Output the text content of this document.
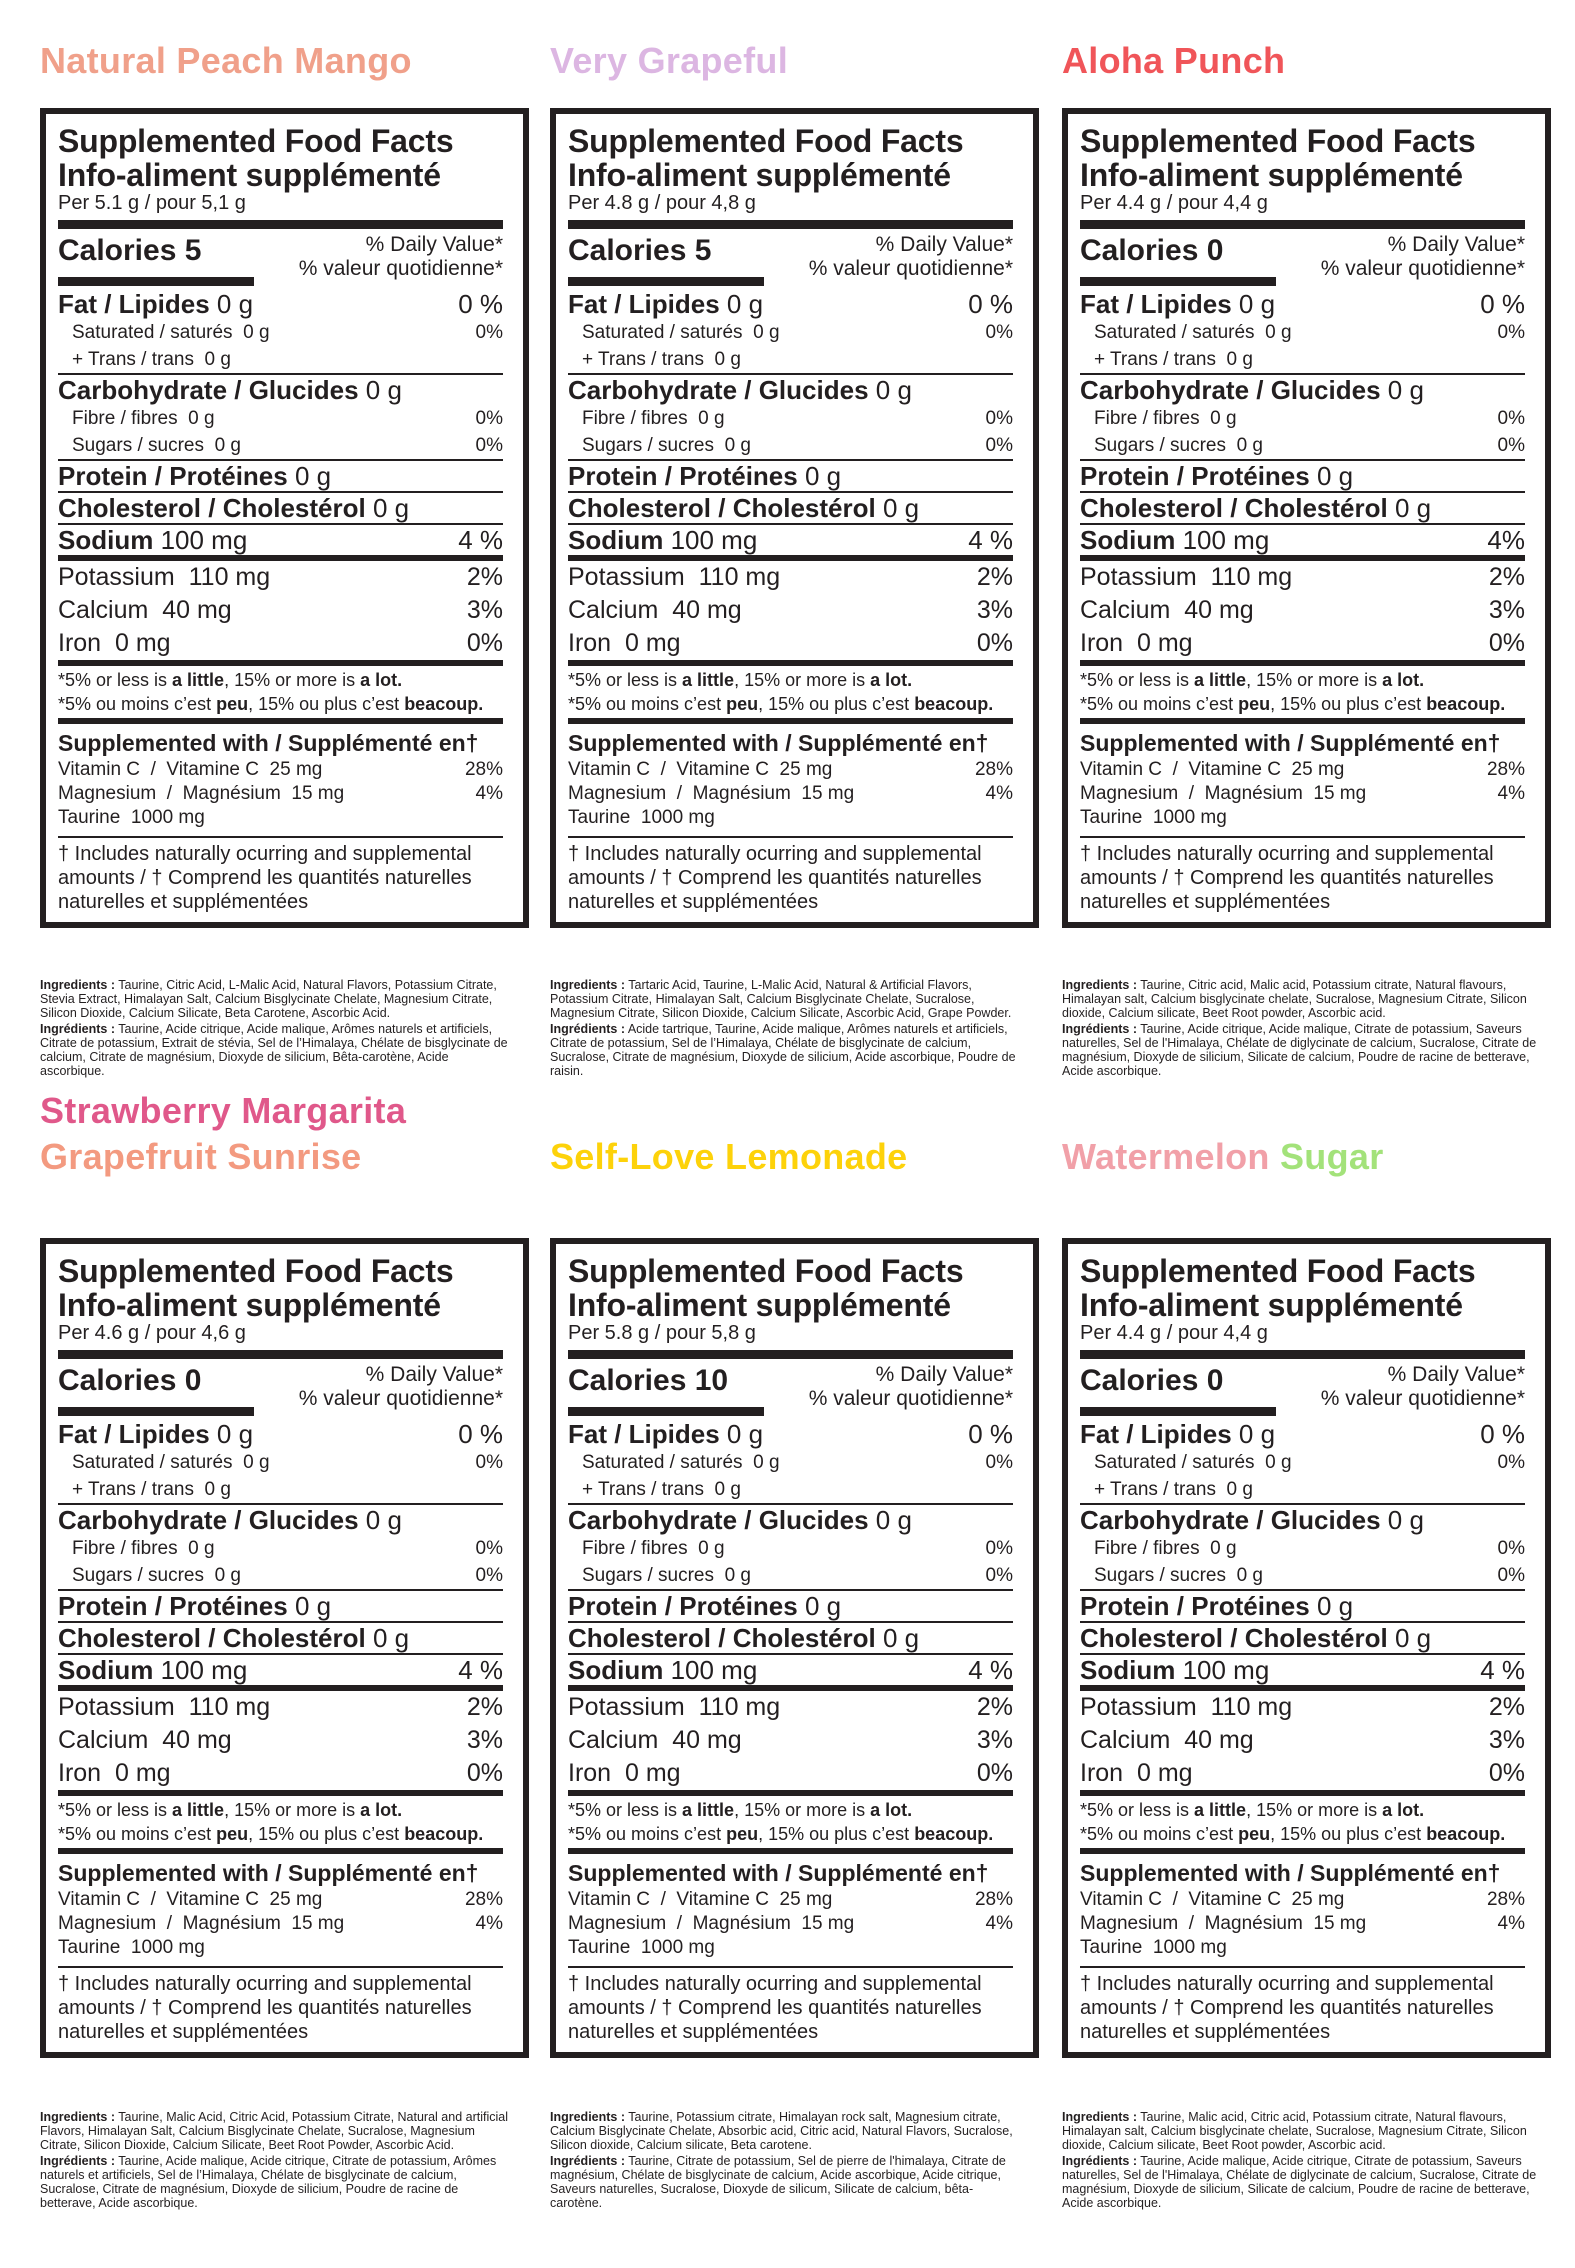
Natural Peach Mango
Supplemented Food Facts
Info-aliment supplémenté
Per 5.1 g / pour 5,1 g
Calories 5	% Daily Value*
% valeur quotidienne*
Fat / Lipides 0 g	0 %
Saturated / saturés 0 g	0%
+ Trans / trans 0 g
Carbohydrate / Glucides 0 g
Fibre / fibres 0 g	0%
Sugars / sucres 0 g	0%
Protein / Protéines 0 g
Cholesterol / Cholestérol 0 g
Sodium 100 mg	4 %
Potassium 110 mg	2%
Calcium 40 mg	3%
Iron 0 mg	0%
*5% or less is a little, 15% or more is a lot.
*5% ou moins c’est peu, 15% ou plus c’est beacoup.
Supplemented with / Supplémenté en†
Vitamin C  /  Vitamine C  25 mg	28%
Magnesium  /  Magnésium  15 mg	4%
Taurine  1000 mg
† Includes naturally ocurring and supplemental amounts / † Comprend les quantités naturelles naturelles et supplémentées

Ingredients : Taurine, Citric Acid, L-Malic Acid, Natural Flavors, Potassium Citrate, Stevia Extract, Himalayan Salt, Calcium Bisglycinate Chelate, Magnesium Citrate, Silicon Dioxide, Calcium Silicate, Beta Carotene, Ascorbic Acid.

Ingrédients : Taurine, Acide citrique, Acide malique, Arômes naturels et artificiels, Citrate de potassium, Extrait de stévia, Sel de l’Himalaya, Chélate de bisglycinate de calcium, Citrate de magnésium, Dioxyde de silicium, Bêta-carotène, Acide ascorbique.

Very Grapeful
Supplemented Food Facts
Info-aliment supplémenté
Per 4.8 g / pour 4,8 g
Calories 5	% Daily Value*
% valeur quotidienne*
Fat / Lipides 0 g	0 %
Saturated / saturés 0 g	0%
+ Trans / trans 0 g
Carbohydrate / Glucides 0 g
Fibre / fibres 0 g	0%
Sugars / sucres 0 g	0%
Protein / Protéines 0 g
Cholesterol / Cholestérol 0 g
Sodium 100 mg	4 %
Potassium 110 mg	2%
Calcium 40 mg	3%
Iron 0 mg	0%
*5% or less is a little, 15% or more is a lot.
*5% ou moins c’est peu, 15% ou plus c’est beacoup.
Supplemented with / Supplémenté en†
Vitamin C  /  Vitamine C  25 mg	28%
Magnesium  /  Magnésium  15 mg	4%
Taurine  1000 mg
† Includes naturally ocurring and supplemental amounts / † Comprend les quantités naturelles naturelles et supplémentées

Ingredients : Tartaric Acid, Taurine, L-Malic Acid, Natural & Artificial Flavors, Potassium Citrate, Himalayan Salt, Calcium Bisglycinate Chelate, Sucralose, Magnesium Citrate, Silicon Dioxide, Calcium Silicate, Ascorbic Acid, Grape Powder.

Ingrédients : Acide tartrique, Taurine, Acide malique, Arômes naturels et artificiels, Citrate de potassium, Sel de l’Himalaya, Chélate de bisglycinate de calcium, Sucralose, Citrate de magnésium, Dioxyde de silicium, Acide ascorbique, Poudre de raisin.

Aloha Punch
Supplemented Food Facts
Info-aliment supplémenté
Per 4.4 g / pour 4,4 g
Calories 0	% Daily Value*
% valeur quotidienne*
Fat / Lipides 0 g	0 %
Saturated / saturés 0 g	0%
+ Trans / trans 0 g
Carbohydrate / Glucides 0 g
Fibre / fibres 0 g	0%
Sugars / sucres 0 g	0%
Protein / Protéines 0 g
Cholesterol / Cholestérol 0 g
Sodium 100 mg	4%
Potassium 110 mg	2%
Calcium 40 mg	3%
Iron 0 mg	0%
*5% or less is a little, 15% or more is a lot.
*5% ou moins c’est peu, 15% ou plus c’est beacoup.
Supplemented with / Supplémenté en†
Vitamin C  /  Vitamine C  25 mg	28%
Magnesium  /  Magnésium  15 mg	4%
Taurine  1000 mg
† Includes naturally ocurring and supplemental amounts / † Comprend les quantités naturelles naturelles et supplémentées

Ingredients : Taurine, Citric acid, Malic acid, Potassium citrate, Natural flavours, Himalayan salt, Calcium bisglycinate chelate, Sucralose, Magnesium Citrate, Silicon dioxide, Calcium silicate, Beet Root powder, Ascorbic acid.

Ingrédients : Taurine, Acide citrique, Acide malique, Citrate de potassium, Saveurs naturelles, Sel de l'Himalaya, Chélate de diglycinate de calcium, Sucralose, Citrate de magnésium, Dioxyde de silicium, Silicate de calcium, Poudre de racine de betterave, Acide ascorbique.

Strawberry Margarita
Grapefruit Sunrise
Supplemented Food Facts
Info-aliment supplémenté
Per 4.6 g / pour 4,6 g
Calories 0	% Daily Value*
% valeur quotidienne*
Fat / Lipides 0 g	0 %
Saturated / saturés 0 g	0%
+ Trans / trans 0 g
Carbohydrate / Glucides 0 g
Fibre / fibres 0 g	0%
Sugars / sucres 0 g	0%
Protein / Protéines 0 g
Cholesterol / Cholestérol 0 g
Sodium 100 mg	4 %
Potassium 110 mg	2%
Calcium 40 mg	3%
Iron 0 mg	0%
*5% or less is a little, 15% or more is a lot.
*5% ou moins c’est peu, 15% ou plus c’est beacoup.
Supplemented with / Supplémenté en†
Vitamin C  /  Vitamine C  25 mg	28%
Magnesium  /  Magnésium  15 mg	4%
Taurine  1000 mg
† Includes naturally ocurring and supplemental amounts / † Comprend les quantités naturelles naturelles et supplémentées

Ingredients : Taurine, Malic Acid, Citric Acid, Potassium Citrate, Natural and artificial Flavors, Himalayan Salt, Calcium Bisglycinate Chelate, Sucralose, Magnesium Citrate, Silicon Dioxide, Calcium Silicate, Beet Root Powder, Ascorbic Acid.

Ingrédients : Taurine, Acide malique, Acide citrique, Citrate de potassium, Arômes naturels et artificiels, Sel de l’Himalaya, Chélate de bisglycinate de calcium, Sucralose, Citrate de magnésium, Dioxyde de silicium, Poudre de racine de betterave, Acide ascorbique.

Self-Love Lemonade
Supplemented Food Facts
Info-aliment supplémenté
Per 5.8 g / pour 5,8 g
Calories 10	% Daily Value*
% valeur quotidienne*
Fat / Lipides 0 g	0 %
Saturated / saturés 0 g	0%
+ Trans / trans 0 g
Carbohydrate / Glucides 0 g
Fibre / fibres 0 g	0%
Sugars / sucres 0 g	0%
Protein / Protéines 0 g
Cholesterol / Cholestérol 0 g
Sodium 100 mg	4 %
Potassium 110 mg	2%
Calcium 40 mg	3%
Iron 0 mg	0%
*5% or less is a little, 15% or more is a lot.
*5% ou moins c’est peu, 15% ou plus c’est beacoup.
Supplemented with / Supplémenté en†
Vitamin C  /  Vitamine C  25 mg	28%
Magnesium  /  Magnésium  15 mg	4%
Taurine  1000 mg
† Includes naturally ocurring and supplemental amounts / † Comprend les quantités naturelles naturelles et supplémentées

Ingredients : Taurine, Potassium citrate, Himalayan rock salt, Magnesium citrate, Calcium Bisglycinate Chelate, Absorbic acid, Citric acid, Natural Flavors, Sucralose, Silicon dioxide, Calcium silicate, Beta carotene.

Ingrédients : Taurine, Citrate de potassium, Sel de pierre de l'himalaya, Citrate de magnésium, Chélate de bisglycinate de calcium, Acide ascorbique, Acide citrique, Saveurs naturelles, Sucralose, Dioxyde de silicum, Silicate de calcium, bêta-carotène.

Watermelon Sugar
Supplemented Food Facts
Info-aliment supplémenté
Per 4.4 g / pour 4,4 g
Calories 0	% Daily Value*
% valeur quotidienne*
Fat / Lipides 0 g	0 %
Saturated / saturés 0 g	0%
+ Trans / trans 0 g
Carbohydrate / Glucides 0 g
Fibre / fibres 0 g	0%
Sugars / sucres 0 g	0%
Protein / Protéines 0 g
Cholesterol / Cholestérol 0 g
Sodium 100 mg	4 %
Potassium 110 mg	2%
Calcium 40 mg	3%
Iron 0 mg	0%
*5% or less is a little, 15% or more is a lot.
*5% ou moins c’est peu, 15% ou plus c’est beacoup.
Supplemented with / Supplémenté en†
Vitamin C  /  Vitamine C  25 mg	28%
Magnesium  /  Magnésium  15 mg	4%
Taurine  1000 mg
† Includes naturally ocurring and supplemental amounts / † Comprend les quantités naturelles naturelles et supplémentées

Ingredients : Taurine, Malic acid, Citric acid, Potassium citrate, Natural flavours, Himalayan salt, Calcium bisglycinate chelate, Sucralose, Magnesium Citrate, Silicon dioxide, Calcium silicate, Beet Root powder, Ascorbic acid.

Ingrédients : Taurine, Acide malique, Acide citrique, Citrate de potassium, Saveurs naturelles, Sel de l'Himalaya, Chélate de diglycinate de calcium, Sucralose, Citrate de magnésium, Dioxyde de silicium, Silicate de calcium, Poudre de racine de betterave, Acide ascorbique.
